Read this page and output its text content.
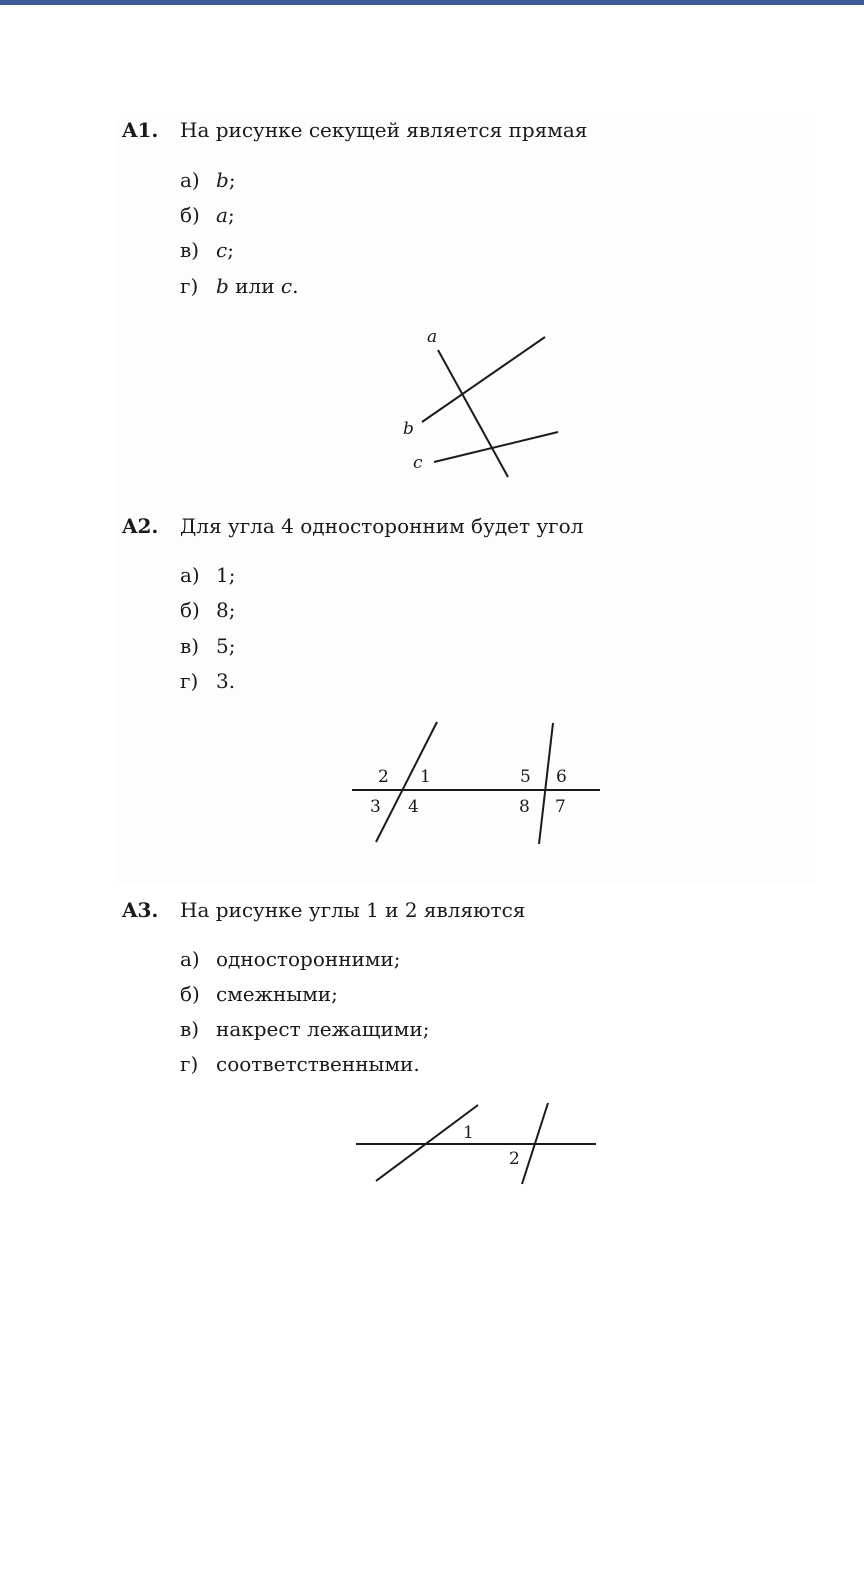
A1. На рисунке секущей является прямая
а) b;
б) a;
в) c;
г) b или c.
a
b
c
A2. Для угла 4 односторонним будет угол
а) 1;
б) 8;
в) 5;
г) 3.
2 1
3 4
5 6
8 7
A3. На рисунке углы 1 и 2 являются
а) односторонними;
б) смежными;
в) накрест лежащими;
г) соответственными.
1
2
